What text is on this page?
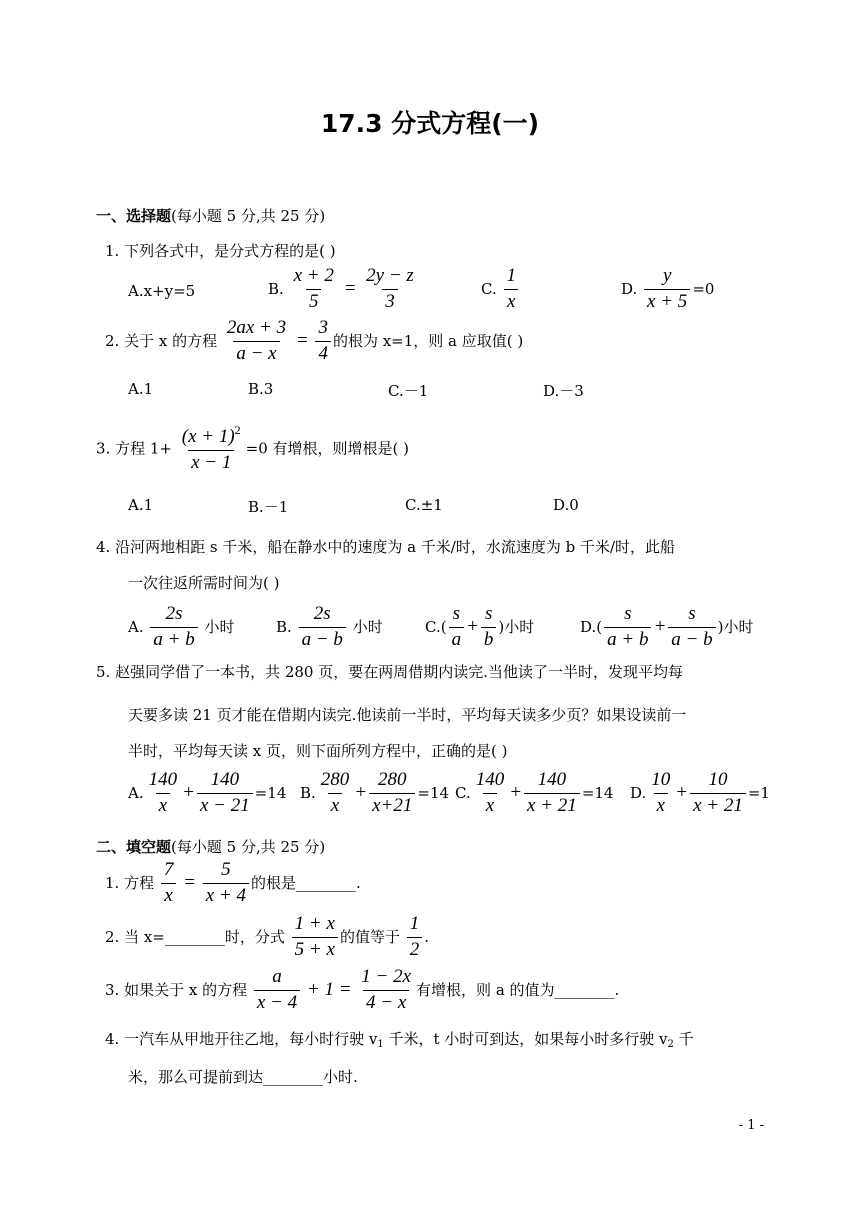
17.3 分式方程(一)
一、选择题(每小题 5 分,共 25 分)
1. 下列各式中，是分式方程的是( )
A.x+y=5	B. $\frac{x + 2}{5} = \frac{2y - z}{3}$	C. $\frac{1}{x}$	D. $\frac{y}{x + 5} =0$
2. 关于 x 的方程 $\frac{2ax + 3}{a - x} = \frac{3}{4}$ 的根为 x=1，则 a 应取值( )
A.1	B.3	C.－1	D.－3
3. 方程 $1+ \frac{(x + 1)^2}{x - 1} =0$ 有增根，则增根是( )
A.1	B.－1	C.±1	D.0
4. 沿河两地相距 s 千米，船在静水中的速度为 a 千米/时，水流速度为 b 千米/时，此船
一次往返所需时间为( )
A. $\frac{2s}{a + b}$ 小时	B. $\frac{2s}{a - b}$ 小时	$C.( \frac{s}{a} + \frac{s}{b}$ )小时	$D.( \frac{s}{a + b} + \frac{s}{a - b}$ )小时
5. 赵强同学借了一本书，共 280 页，要在两周借期内读完.当他读了一半时，发现平均每
天要多读 21 页才能在借期内读完.他读前一半时，平均每天读多少页？如果设读前一
半时，平均每天读 x 页，则下面所列方程中，正确的是( )
A. $\frac{140}{x} + \frac{140}{x - 21} =14$ B. $\frac{280}{x} + \frac{280}{x+21} =14$ C. $\frac{140}{x} + \frac{140}{x + 21} =14$ D. $\frac{10}{x} + \frac{10}{x + 21} =1$
二、填空题(每小题 5 分,共 25 分)
1. 方程 $\frac{7}{x} = \frac{5}{x + 4}$ 的根是________.
2. 当 x=________时，分式 $\frac{1 + x}{5 + x}$ 的值等于 $\frac{1}{2}$ .
3. 如果关于 x 的方程 $\frac{a}{x - 4} + 1 = \frac{1 - 2x}{4 - x}$ 有增根，则 a 的值为________.
4. 一汽车从甲地开往乙地，每小时行驶 $v_1$ 千米，t 小时可到达，如果每小时多行驶 $v_2$ 千
米，那么可提前到达________小时.
- 1 -
